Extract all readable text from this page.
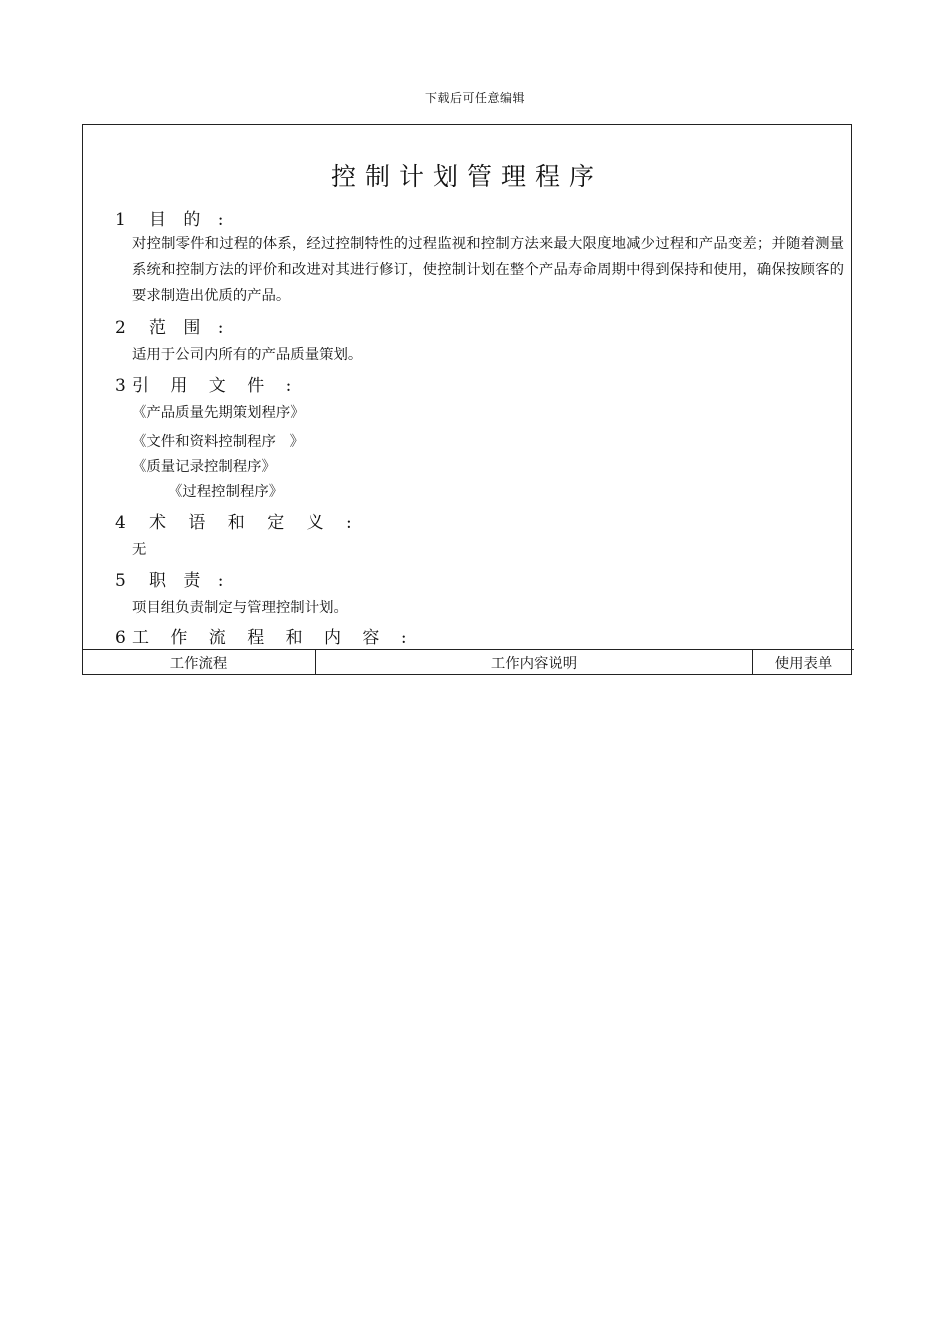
下载后可任意编辑
控制计划管理程序
1 目 的 :
对控制零件和过程的体系，经过控制特性的过程监视和控制方法来最大限度地减少过程和产品变差；并随着测量系统和控制方法的评价和改进对其进行修订，使控制计划在整个产品寿命周期中得到保持和使用，确保按顾客的要求制造出优质的产品。
2 范 围 :
适用于公司内所有的产品质量策划。
3 引 用 文 件 :
《产品质量先期策划程序》
《文件和资料控制程序   》
《质量记录控制程序》
《过程控制程序》
4 术 语 和 定 义 :
无
5 职 责 :
项目组负责制定与管理控制计划。
6 工 作 流 程 和 内 容 :
工作流程	工作内容说明	使用表单
